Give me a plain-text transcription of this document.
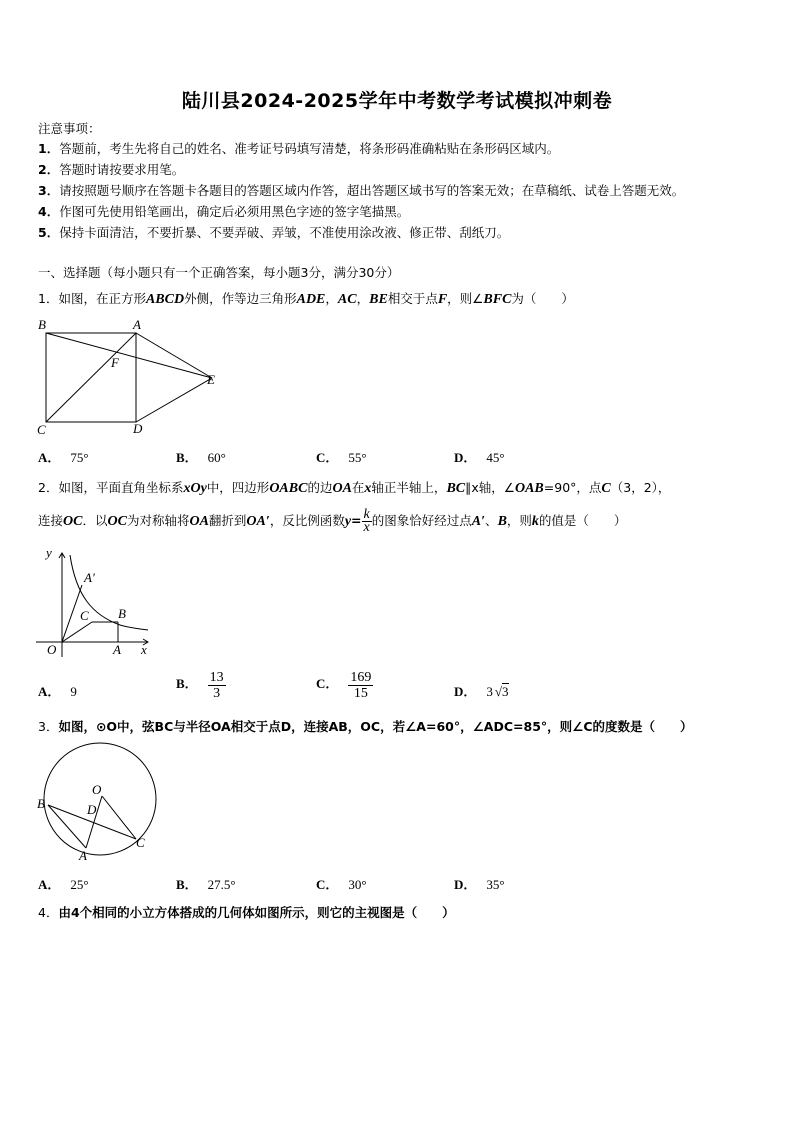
陆川县2024-2025学年中考数学考试模拟冲刺卷
注意事项：
1．答题前，考生先将自己的姓名、准考证号码填写清楚，将条形码准确粘贴在条形码区域内。
2．答题时请按要求用笔。
3．请按照题号顺序在答题卡各题目的答题区域内作答，超出答题区域书写的答案无效；在草稿纸、试卷上答题无效。
4．作图可先使用铅笔画出，确定后必须用黑色字迹的签字笔描黑。
5．保持卡面清洁，不要折暴、不要弄破、弄皱，不准使用涂改液、修正带、刮纸刀。
一、选择题（每小题只有一个正确答案，每小题3分，满分30分）
1．如图，在正方形ABCD外侧，作等边三角形ADE，AC，BE相交于点F，则∠BFC为（　　）
B	A
F
E
C	D
A． 75°	B． 60°	C． 55°	D． 45°
2．如图，平面直角坐标系xOy中，四边形OABC的边OA在x轴正半轴上，BC∥x轴，∠OAB=90°，点C（3，2），
连接OC．以OC为对称轴将OA翻折到OA′，反比例函数$y= \frac{k}{x}$ 的图象恰好经过点A′、B，则k的值是（　　）
y
A′
C B
O	A x
A． 9
B． $\frac{13}{3}$	C． $\frac{169}{15}$	D． 3 √3
3．如图，⊙O中，弦BC与半径OA相交于点D，连接AB，OC，若∠A=60°，∠ADC=85°，则∠C的度数是（　　）
O
D
B
C
A
A． 25°	B． 27.5°	C． 30°	D． 35°
4．由4个相同的小立方体搭成的几何体如图所示，则它的主视图是（　　）
